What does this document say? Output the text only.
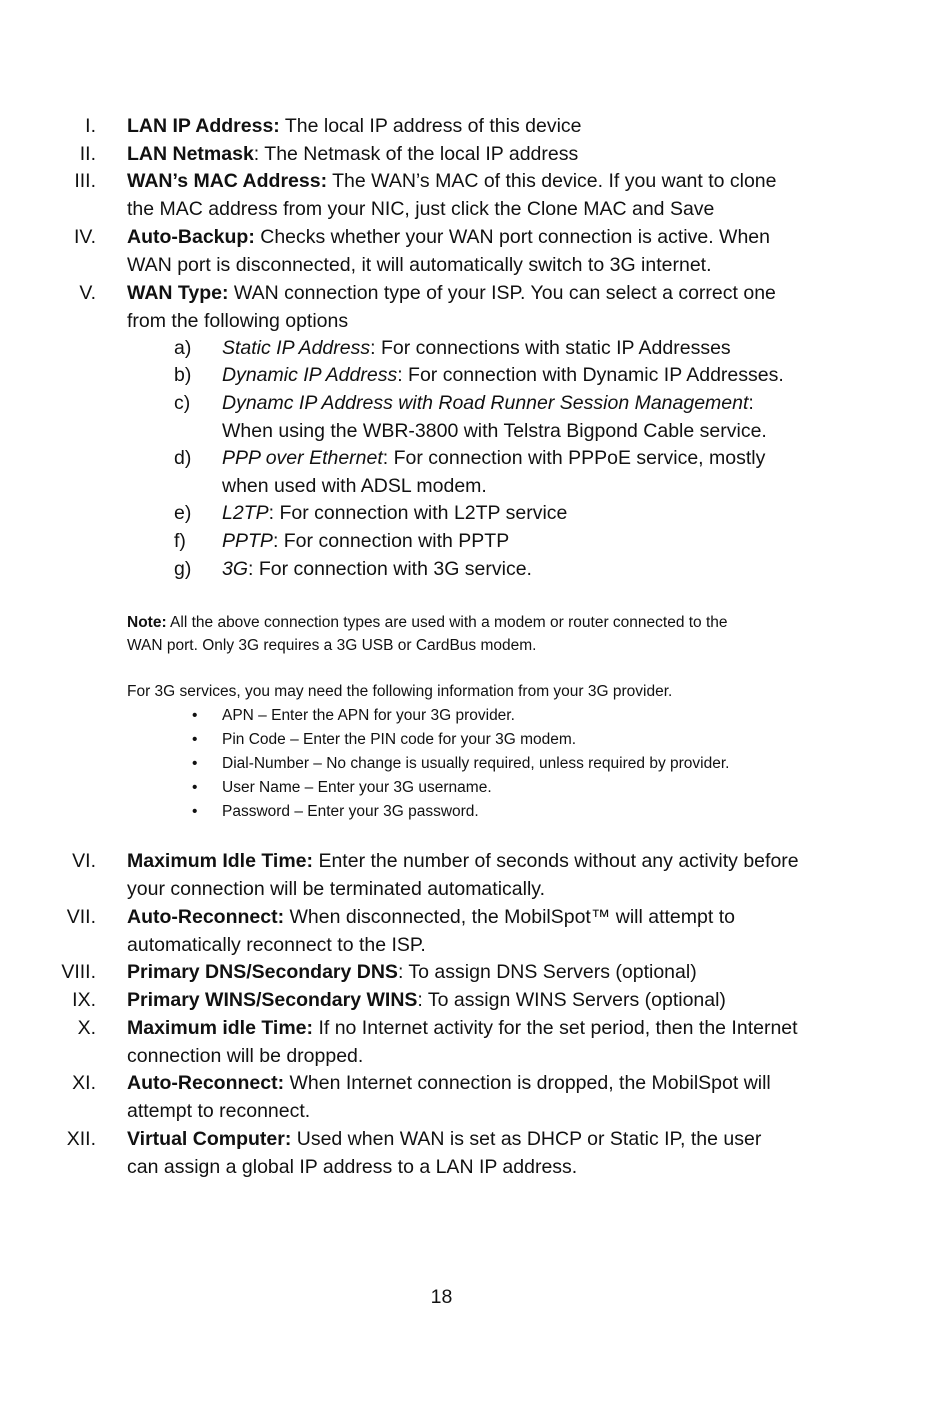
I. LAN IP Address: The local IP address of this device
II. LAN Netmask: The Netmask of the local IP address
III. WAN’s MAC Address: The WAN’s MAC of this device. If you want to clone
the MAC address from your NIC, just click the Clone MAC and Save
IV. Auto-Backup: Checks whether your WAN port connection is active. When
WAN port is disconnected, it will automatically switch to 3G internet.
V. WAN Type: WAN connection type of your ISP. You can select a correct one
from the following options
a) Static IP Address: For connections with static IP Addresses
b) Dynamic IP Address: For connection with Dynamic IP Addresses.
c) Dynamc IP Address with Road Runner Session Management:
When using the WBR-3800 with Telstra Bigpond Cable service.
d) PPP over Ethernet: For connection with PPPoE service, mostly
when used with ADSL modem.
e) L2TP: For connection with L2TP service
f) PPTP: For connection with PPTP
g) 3G: For connection with 3G service.
Note: All the above connection types are used with a modem or router connected to the
WAN port. Only 3G requires a 3G USB or CardBus modem.
For 3G services, you may need the following information from your 3G provider.
• APN – Enter the APN for your 3G provider.
• Pin Code – Enter the PIN code for your 3G modem.
• Dial-Number – No change is usually required, unless required by provider.
• User Name – Enter your 3G username.
• Password – Enter your 3G password.
VI. Maximum Idle Time: Enter the number of seconds without any activity before
your connection will be terminated automatically.
VII. Auto-Reconnect: When disconnected, the MobilSpot™ will attempt to
automatically reconnect to the ISP.
VIII. Primary DNS/Secondary DNS: To assign DNS Servers (optional)
IX. Primary WINS/Secondary WINS: To assign WINS Servers (optional)
X. Maximum idle Time: If no Internet activity for the set period, then the Internet
connection will be dropped.
XI. Auto-Reconnect: When Internet connection is dropped, the MobilSpot will
attempt to reconnect.
XII. Virtual Computer: Used when WAN is set as DHCP or Static IP, the user
can assign a global IP address to a LAN IP address.
18
